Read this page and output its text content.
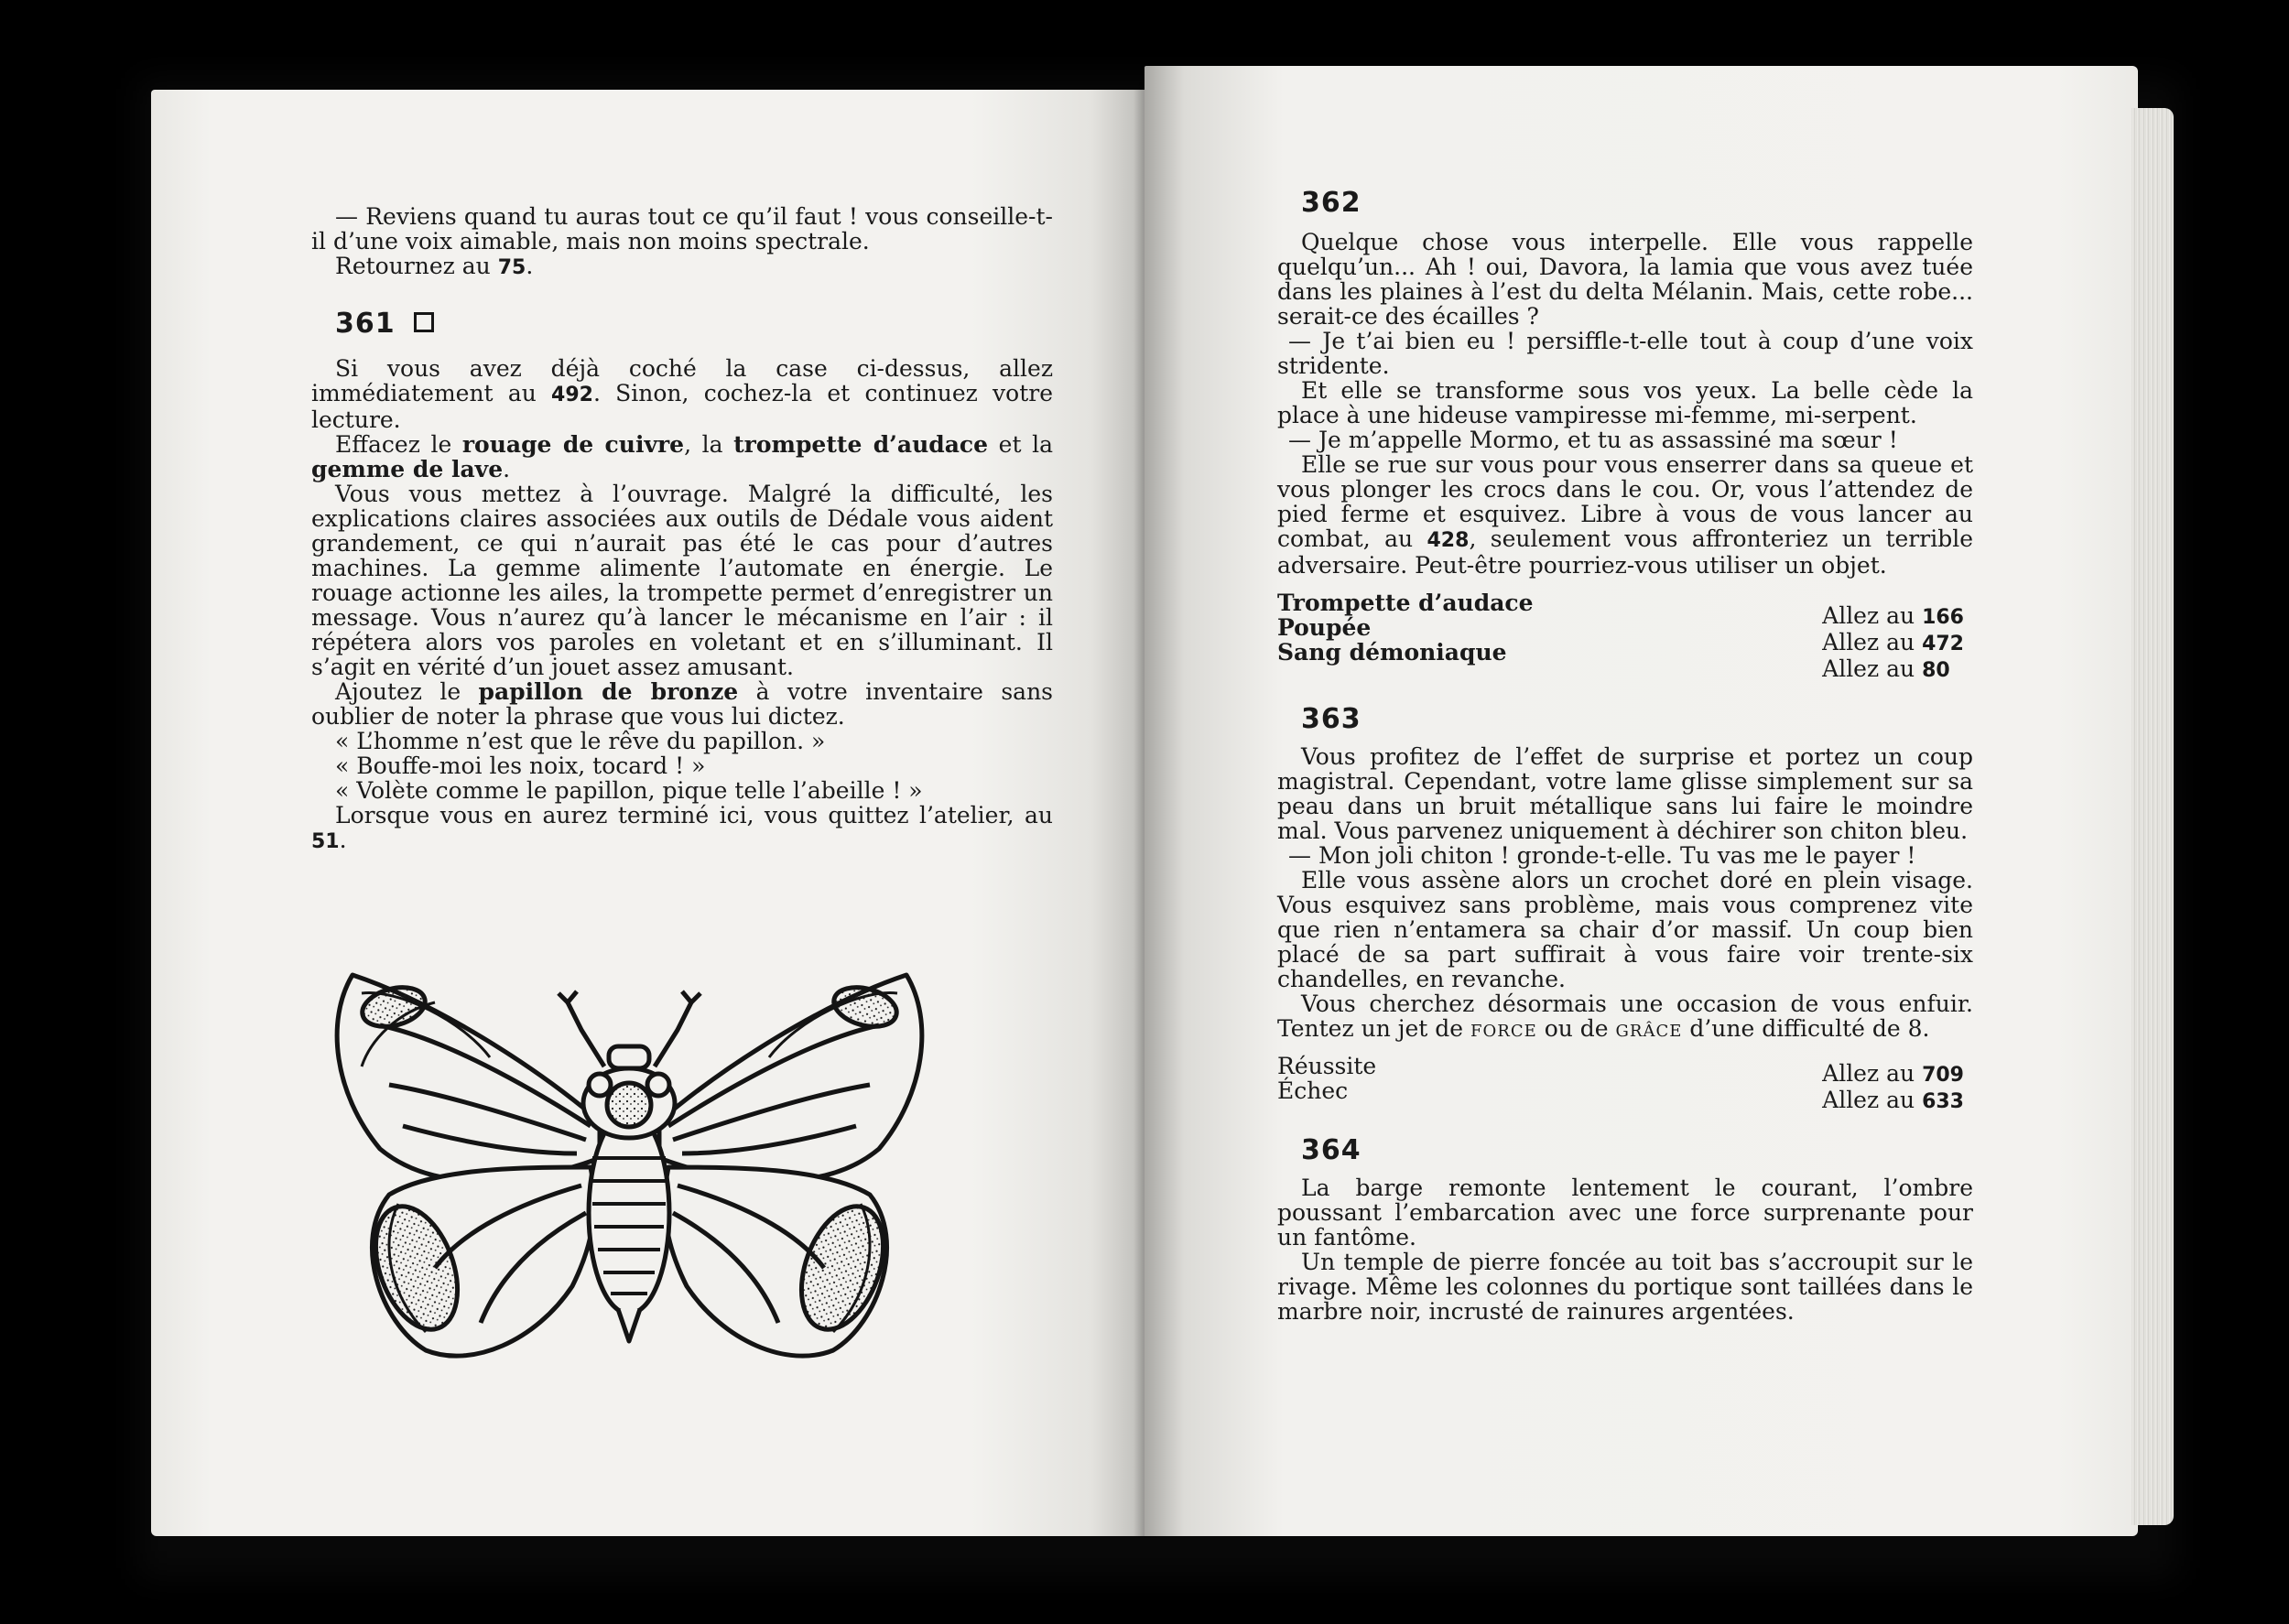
— Reviens quand tu auras tout ce qu’il faut ! vous conseille-t-il d’une voix aimable, mais non moins spectrale.

Retournez au 75.

361

Si vous avez déjà coché la case ci-dessus, allez immédiatement au 492. Sinon, cochez-la et continuez votre lecture.

Effacez le rouage de cuivre, la trompette d’audace et la gemme de lave.

Vous vous mettez à l’ouvrage. Malgré la difficulté, les explications claires associées aux outils de Dédale vous aident grandement, ce qui n’aurait pas été le cas pour d’autres machines. La gemme alimente l’automate en énergie. Le rouage actionne les ailes, la trompette permet d’enregistrer un message. Vous n’aurez qu’à lancer le mécanisme en l’air : il répétera alors vos paroles en voletant et en s’illuminant. Il s’agit en vérité d’un jouet assez amusant.

Ajoutez le papillon de bronze à votre inventaire sans oublier de noter la phrase que vous lui dictez.

« L’homme n’est que le rêve du papillon. »

« Bouffe-moi les noix, tocard ! »

« Volète comme le papillon, pique telle l’abeille ! »

Lorsque vous en aurez terminé ici, vous quittez l’atelier, au 51.

362

Quelque chose vous interpelle. Elle vous rappelle quelqu’un... Ah ! oui, Davora, la lamia que vous avez tuée dans les plaines à l’est du delta Mélanin. Mais, cette robe... serait-ce des écailles ?

— Je t’ai bien eu ! persiffle-t-elle tout à coup d’une voix stridente.

Et elle se transforme sous vos yeux. La belle cède la place à une hideuse vampiresse mi-femme, mi-serpent.

— Je m’appelle Mormo, et tu as assassiné ma sœur !

Elle se rue sur vous pour vous enserrer dans sa queue et vous plonger les crocs dans le cou. Or, vous l’attendez de pied ferme et esquivez. Libre à vous de vous lancer au combat, au 428, seulement vous affronteriez un terrible adversaire. Peut-être pourriez-vous utiliser un objet.

Trompette d’audace
Poupée
Sang démoniaque
Allez au 166
Allez au 472
Allez au 80

363

Vous profitez de l’effet de surprise et portez un coup magistral. Cependant, votre lame glisse simplement sur sa peau dans un bruit métallique sans lui faire le moindre mal. Vous parvenez uniquement à déchirer son chiton bleu.

— Mon joli chiton ! gronde-t-elle. Tu vas me le payer !

Elle vous assène alors un crochet doré en plein visage. Vous esquivez sans problème, mais vous comprenez vite que rien n’entamera sa chair d’or massif. Un coup bien placé de sa part suffirait à vous faire voir trente-six chandelles, en revanche.

Vous cherchez désormais une occasion de vous enfuir. Tentez un jet de force ou de grâce d’une difficulté de 8.

Réussite
Échec
Allez au 709
Allez au 633

364

La barge remonte lentement le courant, l’ombre poussant l’embarcation avec une force surprenante pour un fantôme.

Un temple de pierre foncée au toit bas s’accroupit sur le rivage. Même les colonnes du portique sont taillées dans le marbre noir, incrusté de rainures argentées.
